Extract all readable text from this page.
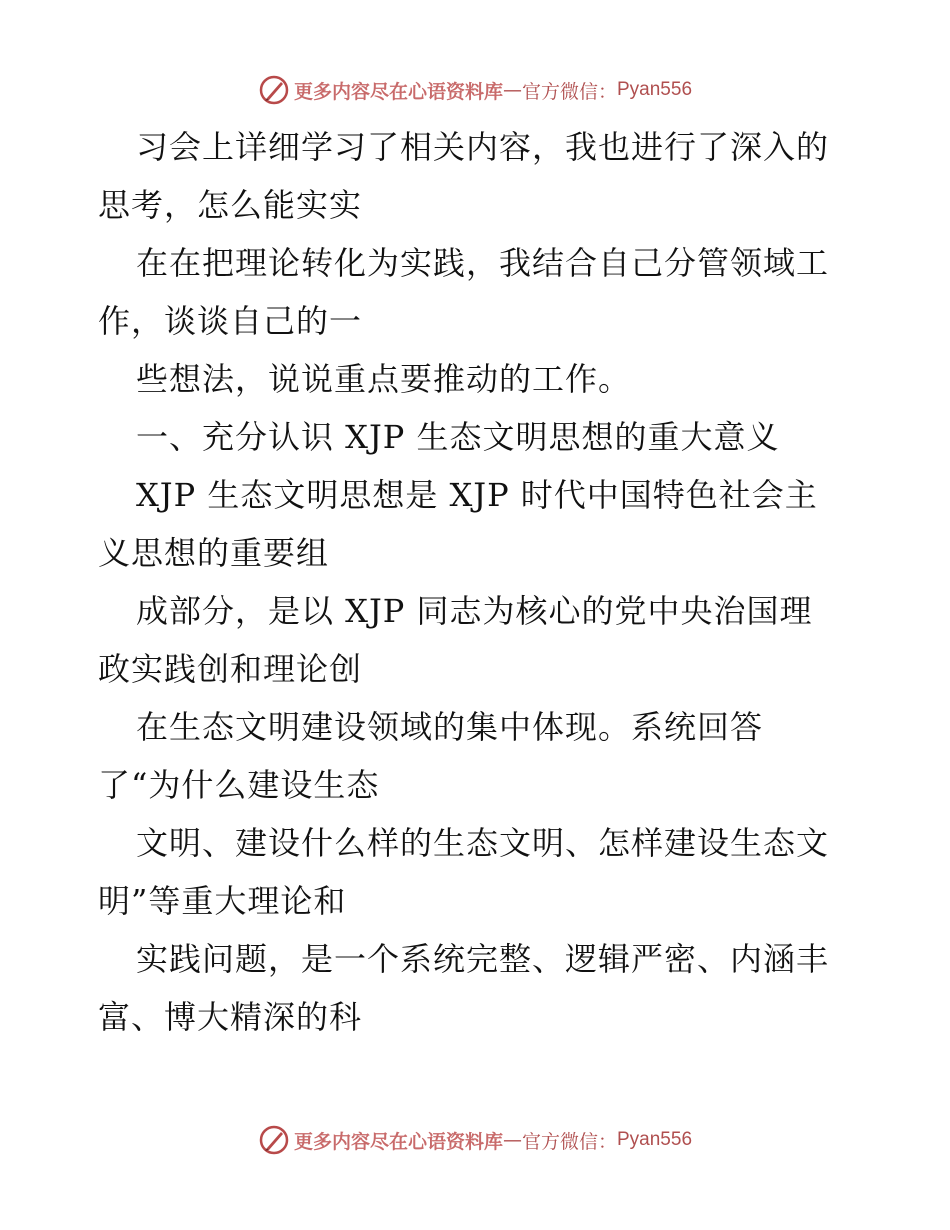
更多内容尽在心语资料库 — 官方微信： Pyan556
习会上详细学习了相关内容，我也进行了深入的
思考，怎么能实实
在在把理论转化为实践，我结合自己分管领域工
作，谈谈自己的一
些想法，说说重点要推动的工作。
一、充分认识 XJP 生态文明思想的重大意义
XJP 生态文明思想是 XJP 时代中国特色社会主
义思想的重要组
成部分，是以 XJP 同志为核心的党中央治国理
政实践创和理论创
在生态文明建设领域的集中体现。系统回答
了“为什么建设生态
文明、建设什么样的生态文明、怎样建设生态文
明”等重大理论和
实践问题，是一个系统完整、逻辑严密、内涵丰
富、博大精深的科
更多内容尽在心语资料库 — 官方微信： Pyan556
